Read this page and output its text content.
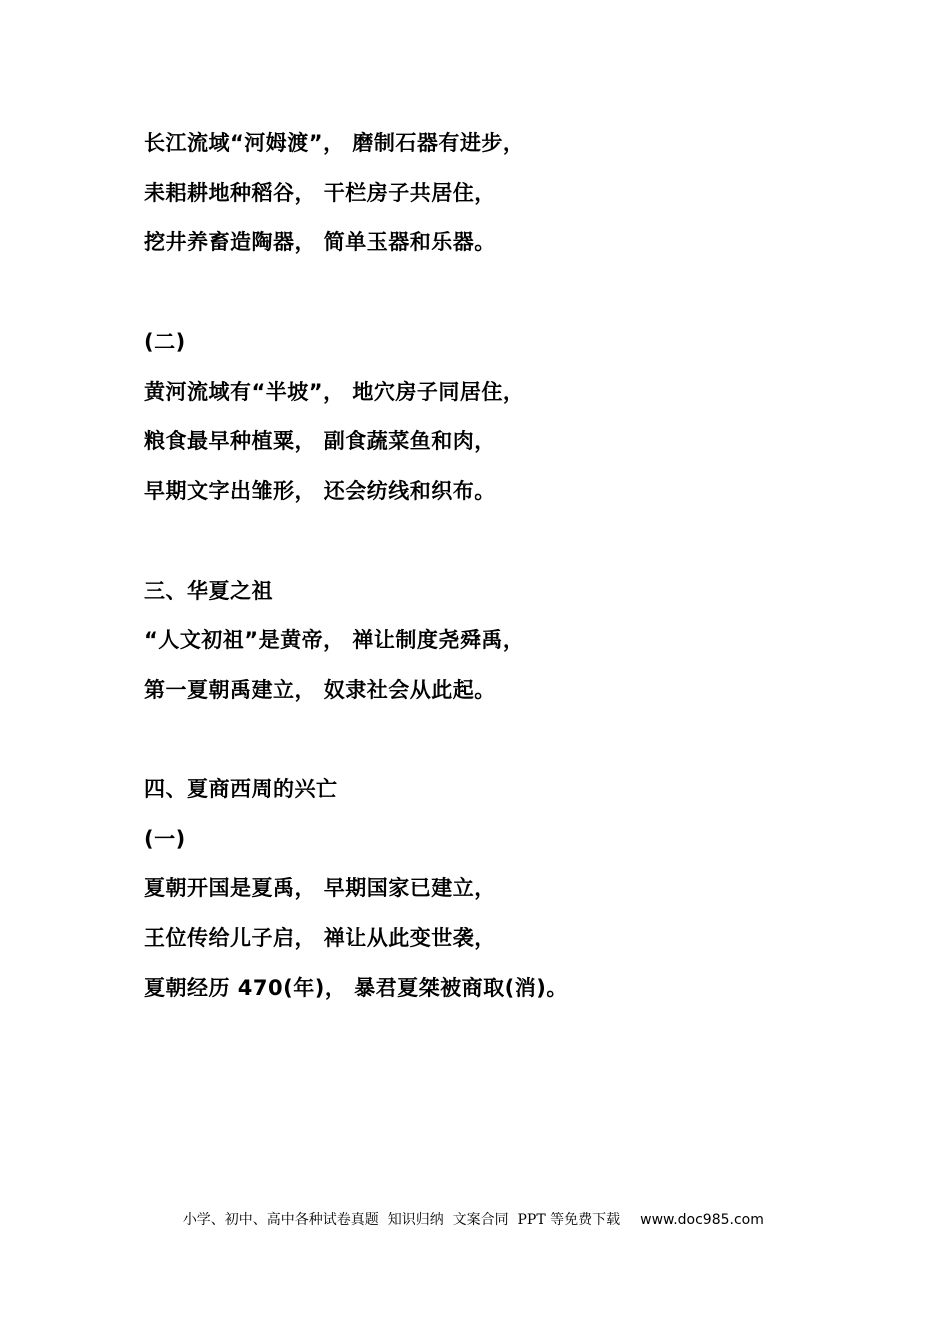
长江流域“河姆渡”， 磨制石器有进步，
耒耜耕地种稻谷， 干栏房子共居住，
挖井养畜造陶器， 简单玉器和乐器。
(二)
黄河流域有“半坡”， 地穴房子同居住，
粮食最早种植粟， 副食蔬菜鱼和肉，
早期文字出雏形， 还会纺线和织布。
三、华夏之祖
“人文初祖”是黄帝， 禅让制度尧舜禹，
第一夏朝禹建立， 奴隶社会从此起。
四、夏商西周的兴亡
(一)
夏朝开国是夏禹， 早期国家已建立，
王位传给儿子启， 禅让从此变世袭，
夏朝经历 470(年)， 暴君夏桀被商取(消)。

小学、初中、高中各种试卷真题  知识归纳  文案合同  PPT 等免费下载 www.doc985.com
